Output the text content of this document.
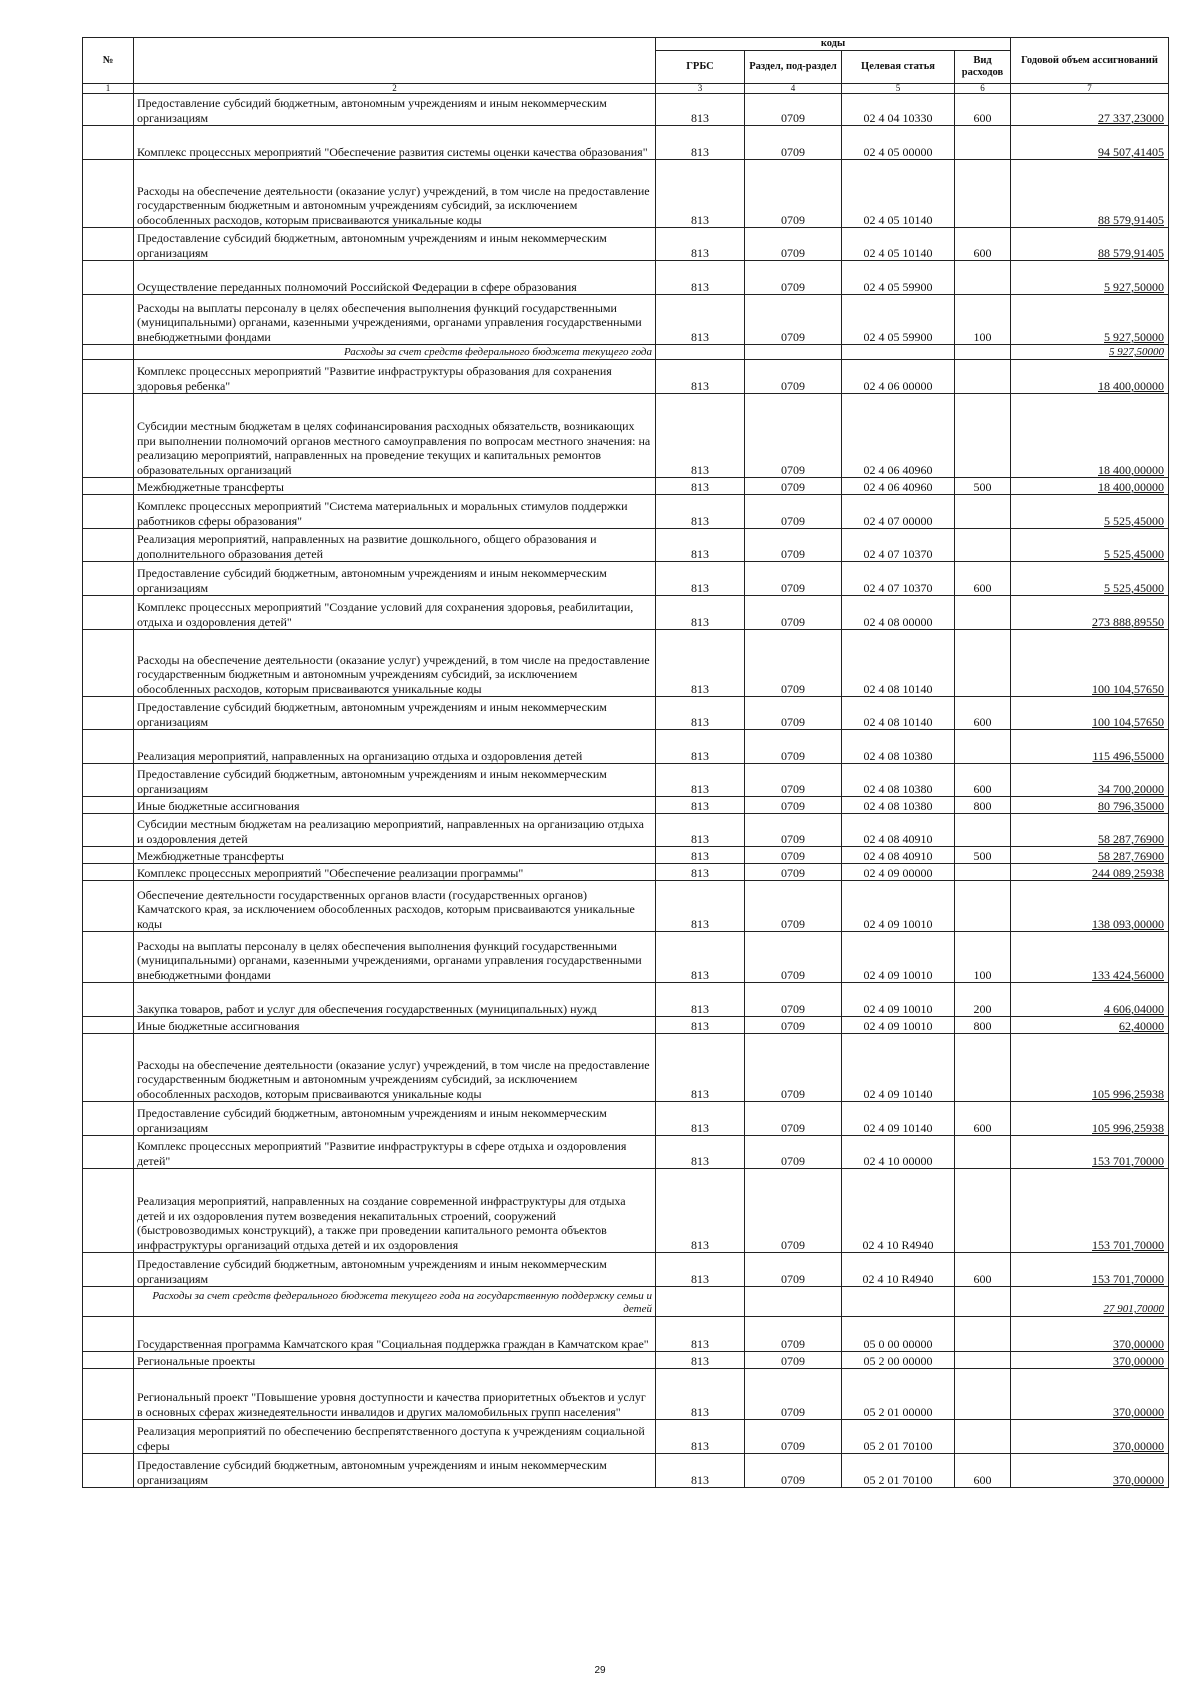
№		коды				Годовой объем ассигнований
		ГРБС	Раздел, под-раздел	Целевая статья	Вид расходов	
1	2	3	4	5	6	7
	Предоставление субсидий бюджетным, автономным учреждениям и иным некоммерческим организациям	813	0709	02 4 04 10330	600	27 337,23000
	Комплекс процессных мероприятий "Обеспечение развития системы оценки качества образования"	813	0709	02 4 05 00000		94 507,41405
	Расходы на обеспечение деятельности (оказание услуг) учреждений, в том числе на предоставление государственным бюджетным и автономным учреждениям субсидий, за исключением обособленных расходов, которым присваиваются уникальные коды	813	0709	02 4 05 10140		88 579,91405
	Предоставление субсидий бюджетным, автономным учреждениям и иным некоммерческим организациям	813	0709	02 4 05 10140	600	88 579,91405
	Осуществление переданных полномочий Российской Федерации в сфере образования	813	0709	02 4 05 59900		5 927,50000
	Расходы на выплаты персоналу в целях обеспечения выполнения функций государственными (муниципальными) органами, казенными учреждениями, органами управления государственными внебюджетными фондами	813	0709	02 4 05 59900	100	5 927,50000
	Расходы за счет средств федерального бюджета текущего года					5 927,50000
	Комплекс процессных мероприятий "Развитие инфраструктуры образования для сохранения здоровья ребенка"	813	0709	02 4 06 00000		18 400,00000
	Субсидии местным бюджетам в целях софинансирования расходных обязательств, возникающих при выполнении полномочий органов местного самоуправления по вопросам местного значения: на реализацию мероприятий, направленных на проведение текущих и капитальных ремонтов образовательных организаций	813	0709	02 4 06 40960		18 400,00000
	Межбюджетные трансферты	813	0709	02 4 06 40960	500	18 400,00000
	Комплекс процессных мероприятий "Система материальных и моральных стимулов поддержки работников сферы образования"	813	0709	02 4 07 00000		5 525,45000
	Реализация мероприятий, направленных на развитие дошкольного, общего образования и дополнительного образования детей	813	0709	02 4 07 10370		5 525,45000
	Предоставление субсидий бюджетным, автономным учреждениям и иным некоммерческим организациям	813	0709	02 4 07 10370	600	5 525,45000
	Комплекс процессных мероприятий "Создание условий для сохранения здоровья, реабилитации, отдыха и оздоровления детей"	813	0709	02 4 08 00000		273 888,89550
	Расходы на обеспечение деятельности (оказание услуг) учреждений, в том числе на предоставление государственным бюджетным и автономным учреждениям субсидий, за исключением обособленных расходов, которым присваиваются уникальные коды	813	0709	02 4 08 10140		100 104,57650
	Предоставление субсидий бюджетным, автономным учреждениям и иным некоммерческим организациям	813	0709	02 4 08 10140	600	100 104,57650
	Реализация мероприятий, направленных на организацию отдыха и оздоровления детей	813	0709	02 4 08 10380		115 496,55000
	Предоставление субсидий бюджетным, автономным учреждениям и иным некоммерческим организациям	813	0709	02 4 08 10380	600	34 700,20000
	Иные бюджетные ассигнования	813	0709	02 4 08 10380	800	80 796,35000
	Субсидии местным бюджетам на реализацию мероприятий, направленных на организацию отдыха и оздоровления детей	813	0709	02 4 08 40910		58 287,76900
	Межбюджетные трансферты	813	0709	02 4 08 40910	500	58 287,76900
	Комплекс процессных мероприятий "Обеспечение реализации программы"	813	0709	02 4 09 00000		244 089,25938
	Обеспечение деятельности государственных органов власти (государственных органов) Камчатского края, за исключением обособленных расходов, которым присваиваются уникальные коды	813	0709	02 4 09 10010		138 093,00000
	Расходы на выплаты персоналу в целях обеспечения выполнения функций государственными (муниципальными) органами, казенными учреждениями, органами управления государственными внебюджетными фондами	813	0709	02 4 09 10010	100	133 424,56000
	Закупка товаров, работ и услуг для обеспечения государственных (муниципальных) нужд	813	0709	02 4 09 10010	200	4 606,04000
	Иные бюджетные ассигнования	813	0709	02 4 09 10010	800	62,40000
	Расходы на обеспечение деятельности (оказание услуг) учреждений, в том числе на предоставление государственным бюджетным и автономным учреждениям субсидий, за исключением обособленных расходов, которым присваиваются уникальные коды	813	0709	02 4 09 10140		105 996,25938
	Предоставление субсидий бюджетным, автономным учреждениям и иным некоммерческим организациям	813	0709	02 4 09 10140	600	105 996,25938
	Комплекс процессных мероприятий "Развитие инфраструктуры в сфере отдыха и оздоровления детей"	813	0709	02 4 10 00000		153 701,70000
	Реализация мероприятий, направленных на создание современной инфраструктуры для отдыха детей и их оздоровления путем возведения некапитальных строений, сооружений (быстровозводимых конструкций), а также при проведении капитального ремонта объектов инфраструктуры организаций отдыха детей и их оздоровления	813	0709	02 4 10 R4940		153 701,70000
	Предоставление субсидий бюджетным, автономным учреждениям и иным некоммерческим организациям	813	0709	02 4 10 R4940	600	153 701,70000
	Расходы за счет средств федерального бюджета текущего года на государственную поддержку семьи и детей					27 901,70000
	Государственная программа Камчатского края "Социальная поддержка граждан в Камчатском крае"	813	0709	05 0 00 00000		370,00000
	Региональные проекты	813	0709	05 2 00 00000		370,00000
	Региональный проект "Повышение уровня доступности и качества приоритетных объектов и услуг в основных сферах жизнедеятельности инвалидов и других маломобильных групп населения"	813	0709	05 2 01 00000		370,00000
	Реализация мероприятий по обеспечению беспрепятственного доступа к учреждениям социальной сферы	813	0709	05 2 01 70100		370,00000
	Предоставление субсидий бюджетным, автономным учреждениям и иным некоммерческим организациям	813	0709	05 2 01 70100	600	370,00000
29
